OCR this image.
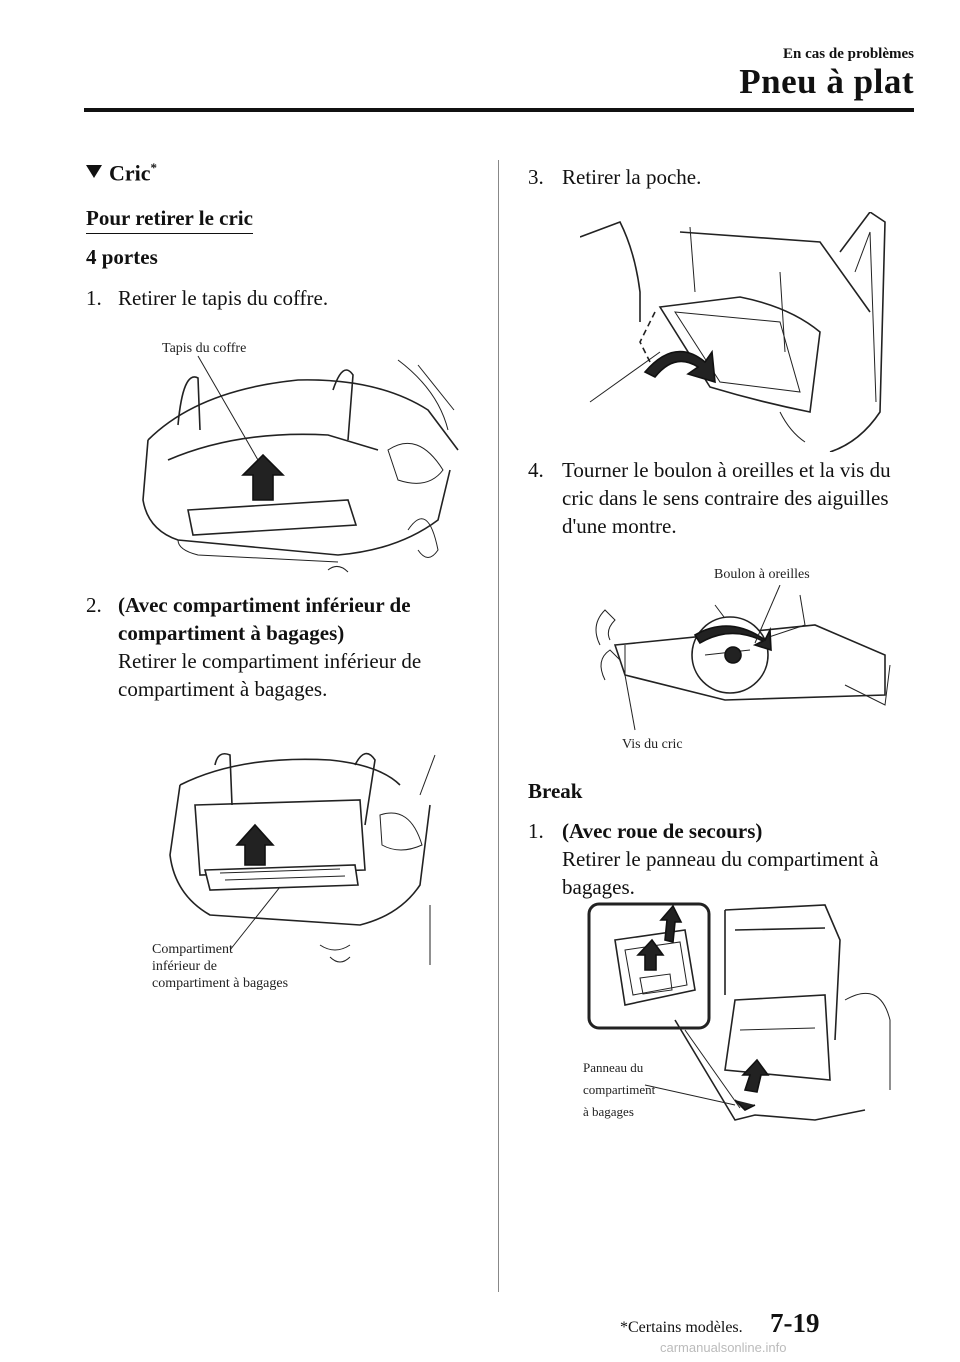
En cas de problèmes
Pneu à plat
Cric*
Pour retirer le cric
4 portes
1. Retirer le tapis du coffre.
Tapis du coffre
2. (Avec compartiment inférieur de
compartiment à bagages)
Retirer le compartiment inférieur de
compartiment à bagages.
Compartiment
inférieur de
compartiment à bagages
3. Retirer la poche.
4. Tourner le boulon à oreilles et la vis du
cric dans le sens contraire des aiguilles
d'une montre.
Boulon à oreilles
Vis du cric
Break
1. (Avec roue de secours)
Retirer le panneau du compartiment à
bagages.
Panneau du
compartiment
à bagages
*Certains modèles. 7-19
carmanualsonline.info
